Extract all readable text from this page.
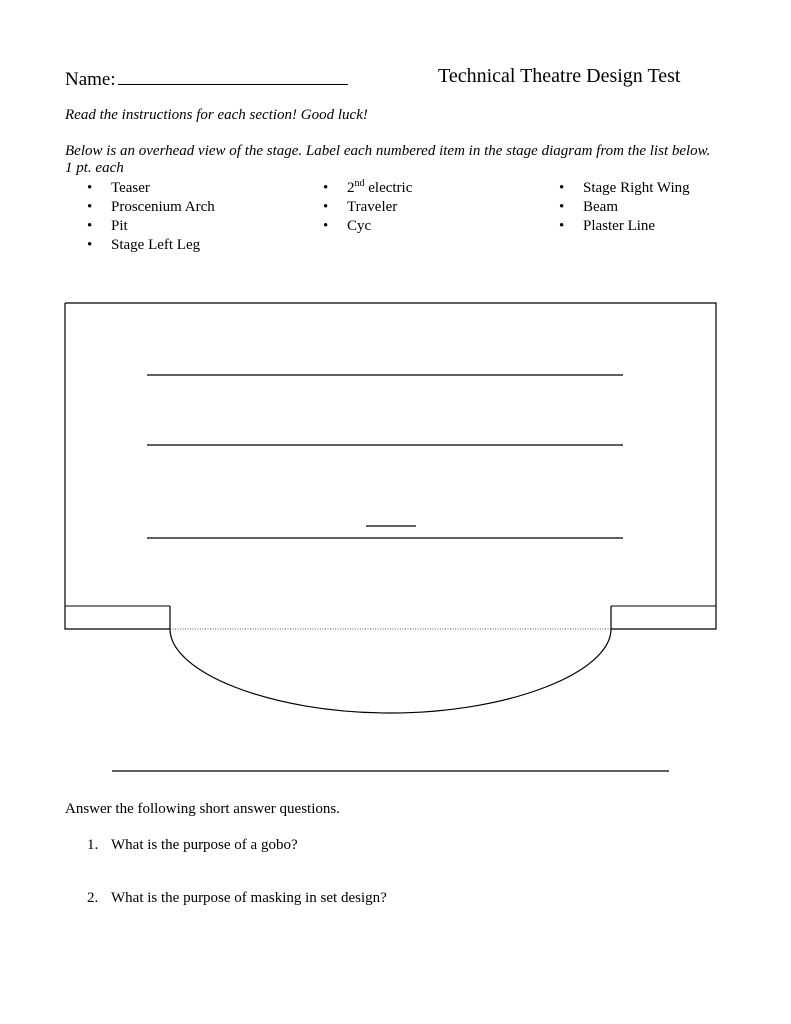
Name:	Technical Theatre Design Test
Read the instructions for each section! Good luck!
Below is an overhead view of the stage. Label each numbered item in the stage diagram from the list below. 1 pt. each
• Teaser
• Proscenium Arch
• Pit
• Stage Left Leg
• 2nd electric
• Traveler
• Cyc
• Stage Right Wing
• Beam
• Plaster Line
Answer the following short answer questions.
1. What is the purpose of a gobo?
2. What is the purpose of masking in set design?
